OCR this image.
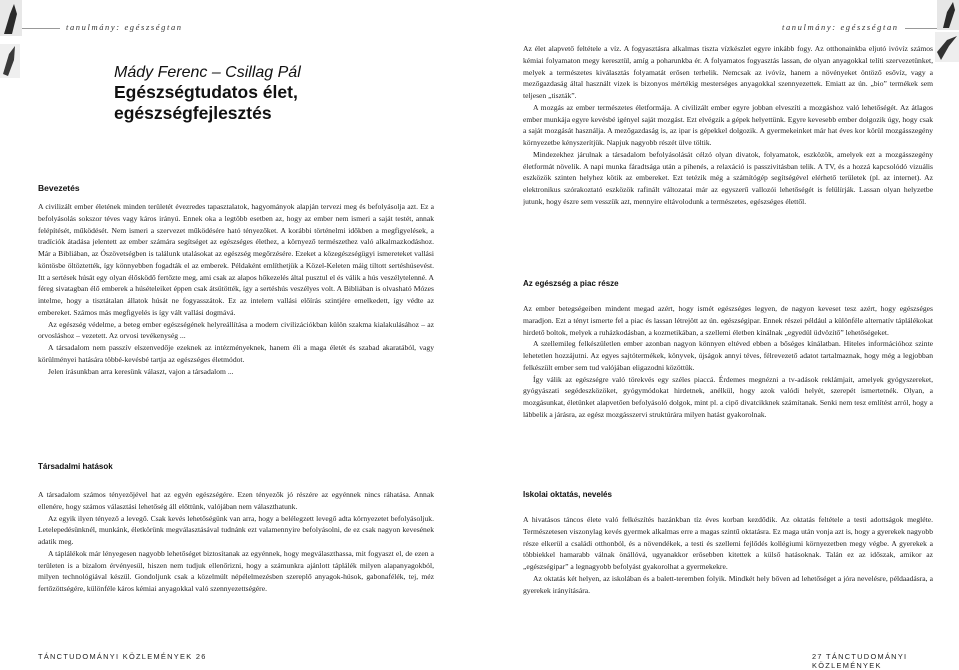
tanulmány: egészségtan
Mády Ferenc – Csillag Pál
Egészségtudatos élet,
egészségfejlesztés
Bevezetés

A civilizált ember életének minden területét évezredes tapasztalatok, hagyományok alapján tervezi meg és befolyásolja azt. Ez a befolyásolás sokszor téves vagy káros irányú. Ennek oka a legtöbb esetben az, hogy az ember nem ismeri a saját testét, annak felépítését, működését. Nem ismeri a szervezet működésére ható tényezőket. A korábbi történelmi időkben a megfigyelések, a tradíciók átadása jelentett az ember számára segítséget az egészséges élethez, a környező természethez való alkalmazkodáshoz. Már a Bibliában, az Ószövetségben is találunk utalásokat az egészség megőrzésére. Ezeket a közegészségügyi ismereteket vallási köntösbe öltöztették, így könnyebben fogadták el az emberek. Példaként említhetjük a Közel-Keleten máig tiltott sertéshúsevést. Itt a sertések húsát egy olyan élősködő fertőzte meg, ami csak az alapos hőkezelés által pusztul el és válik a hús veszélytelenné. A féreg sivatagban élő emberek a húsételeiket éppen csak átsütötték, így a sertéshús veszélyes volt. A Bibliában is olvasható Mózes intelme, hogy a tisztátalan állatok húsát ne fogyasszátok. Ez az intelem vallási előírás szintjére emelkedett, így védte az embereket. Számos más megfigyelés is így vált vallási dogmává.

Az egészség védelme, a beteg ember egészségének helyreállítása a modern civilizációkban külön szakma kialakulásához – az orvosláshoz – vezetett. Az orvosi tevékenység ...

A társadalom nem passzív elszenvedője ezeknek az intézményeknek, hanem éli a maga életét és szabad akaratából, vagy körülményei hatására többé-kevésbé tartja az egészséges életmódot.

Jelen írásunkban arra keresünk választ, vajon a társadalom ...

Társadalmi hatások

A társadalom számos tényezőjével hat az egyén egészségére. Ezen tényezők jó részére az egyénnek nincs ráhatása. Annak ellenére, hogy számos választási lehetőség áll előttünk, valójában nem választhatunk.

Az egyik ilyen tényező a levegő. Csak kevés lehetőségünk van arra, hogy a belélegzett levegő adta környezetet befolyásoljuk. Letelepedésünknél, munkánk, életkörünk megválasztásával tudnánk ezt valamennyire befolyásolni, de ez csak nagyon kevesének adatik meg.

A táplálékok már lényegesen nagyobb lehetőséget biztosítanak az egyénnek, hogy megválaszthassa, mit fogyaszt el, de ezen a területen is a bizalom érvényesül, hiszen nem tudjuk ellenőrizni, hogy a számunkra ajánlott táplálék milyen alapanyagokból, milyen technológiával készül. Gondoljunk csak a közelmúlt népélelmezésben szereplő anyagok-húsok, gabonafélék, tej, méz fertőzöttségére, különféle káros kémiai anyagokkal való szennyezettségére.

TÁNCTUDOMÁNYI KÖZLEMÉNYEK 26
tanulmány: egészségtan

Az élet alapvető feltétele a víz. A fogyasztásra alkalmas tiszta vízkészlet egyre inkább fogy. Az otthonainkba eljutó ivóvíz számos kémiai folyamaton megy keresztül, amíg a poharunkba ér. A folyamatos fogyasztás lassan, de olyan anyagokkal telíti szervezetünket, melyek a természetes kiválasztás folyamatát erősen terhelik. Nemcsak az ivóvíz, hanem a növényeket öntöző esővíz, vagy a mezőgazdaság által használt vizek is bizonyos mértékig mesterséges anyagokkal szennyezettek. Emiatt az ún. „bio” termékek sem teljesen „tiszták”.

A mozgás az ember természetes életformája. A civilizált ember egyre jobban elveszíti a mozgáshoz való lehetőségét. Az átlagos ember munkája egyre kevésbé igényel saját mozgást. Ezt elvégzik a gépek helyettünk. Egyre kevesebb ember dolgozik úgy, hogy csak a saját mozgását használja. A mezőgazdaság is, az ipar is gépekkel dolgozik. A gyermekeinket már hat éves kor körül mozgásszegény környezetbe kényszerítjük. Napjuk nagyobb részét ülve töltik.

Mindezekhez járulnak a társadalom befolyásolását célzó olyan divatok, folyamatok, eszközök, amelyek ezt a mozgásszegény életformát növelik. A napi munka fáradtsága után a pihenés, a relaxáció is passzivitásban telik. A TV, és a hozzá kapcsolódó vizuális eszközök szinten helyhez kötik az embereket. Ezt tetézik még a számítógép segítségével elérhető területek (pl. az internet). Az elektronikus szórakoztató eszközök rafinált változatai már az egyszerű vallozói lehetőségét is felülírják. Lassan olyan helyzetbe jutunk, hogy észre sem vesszük azt, mennyire eltávolodunk a természetes, egészséges élettől.

Az egészség a piac része

Az ember betegségeiben mindent megad azért, hogy ismét egészséges legyen, de nagyon keveset tesz azért, hogy egészséges maradjon. Ezt a tényt ismerte fel a piac és lassan létrejött az ún. egészségipar. Ennek részei például a különféle alternatív táplálékokat hirdető boltok, melyek a ruházkodásban, a kozmetikában, a szellemi életben kínálnak „egyedül üdvözítő” lehetőségeket.

A szellemileg felkészületlen ember azonban nagyon könnyen eltéved ebben a bőséges kínálatban. Hiteles információhoz szinte lehetetlen hozzájutni. Az egyes sajtótermékek, könyvek, újságok annyi téves, félrevezető adatot tartalmaznak, hogy még a legjobban felkészült ember sem tud valójában eligazodni közöttük.

Így válik az egészségre való törekvés egy széles piaccá. Érdemes megnézni a tv-adások reklámjait, amelyek gyógyszereket, gyógyászati segédeszközöket, gyógymódokat hirdetnek, anélkül, hogy azok valódi helyét, szerepét ismertetnék. Olyan, a mozgásunkat, életünket alapvetően befolyásoló dolgok, mint pl. a cipő divatcikknek számítanak. Senki nem tesz említést arról, hogy a lábbelik a járásra, az egész mozgásszervi struktúrára milyen hatást gyakorolnak.

Iskolai oktatás, nevelés

A hivatásos táncos élete való felkészítés hazánkban tíz éves korban kezdődik. Az oktatás feltétele a testi adottságok megléte. Természetesen viszonylag kevés gyermek alkalmas erre a magas szintű oktatásra. Ez maga után vonja azt is, hogy a gyerekek nagyobb része elkerül a családi otthonból, és a növendékek, a testi és szellemi fejlődés kollégiumi környezetben megy végbe. A gyerekek a többiekkel hamarabb válnak önállóvá, ugyanakkor erősebben kitettek a külső hatásoknak. Talán ez az időszak, amikor az „egészségipar” a legnagyobb befolyást gyakorolhat a gyermekekre.

Az oktatás két helyen, az iskolában és a balett-teremben folyik. Mindkét hely bőven ad lehetőséget a jóra nevelésre, példaadásra, a gyerekek irányítására.

27 TÁNCTUDOMÁNYI KÖZLEMÉNYEK
